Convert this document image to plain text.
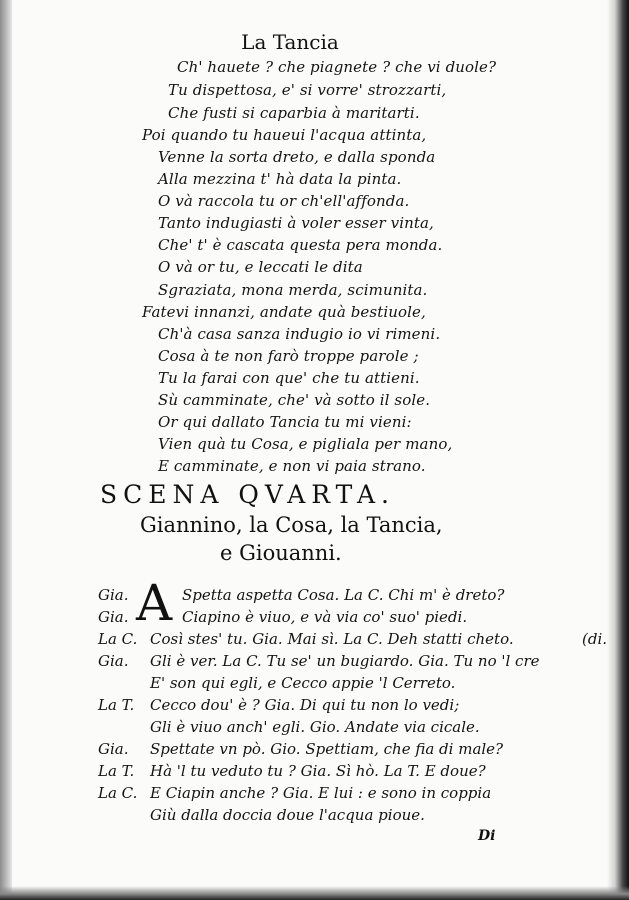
La Tancia
Ch' hauete ? che piagnete ? che vi duole?
Tu dispettosa, e' si vorre' strozzarti,
Che fusti si caparbia à maritarti.
Poi quando tu haueui l'acqua attinta,
Venne la sorta dreto, e dalla sponda
Alla mezzina t' hà data la pinta.
O và raccola tu or ch'ell'affonda.
Tanto indugiasti à voler esser vinta,
Che' t' è cascata questa pera monda.
O và or tu, e leccati le dita
Sgraziata, mona merda, scimunita.
Fatevi innanzi, andate quà bestiuole,
Ch'à casa sanza indugio io vi rimeni.
Cosa à te non farò troppe parole ;
Tu la farai con que' che tu attieni.
Sù camminate, che' và sotto il sole.
Or qui dallato Tancia tu mi vieni:
Vien quà tu Cosa, e pigliala per mano,
E camminate, e non vi paia strano.
SCENA QVARTA.
Giannino, la Cosa, la Tancia,
e Giouanni.
Gia. A Spetta aspetta Cosa. La C. Chi m' è dreto?
Gia.	Ciapino è viuo, e và via co' suo' piedi.
La C. Così stes' tu. Gia. Mai sì. La C. Deh statti cheto.	(di.
Gia. Gli è ver. La C. Tu se' un bugiardo. Gia. Tu no 'l cre
E' son qui egli, e Cecco appie 'l Cerreto.
La T. Cecco dou' è ? Gia. Di qui tu non lo vedi;
Gli è viuo anch' egli. Gio. Andate via cicale.
Gia. Spettate vn pò. Gio. Spettiam, che fia di male?
La T. Hà 'l tu veduto tu ? Gia. Sì hò. La T. E doue?
La C. E Ciapin anche ? Gia. E lui : e sono in coppia
Giù dalla doccia doue l'acqua pioue.
Di
